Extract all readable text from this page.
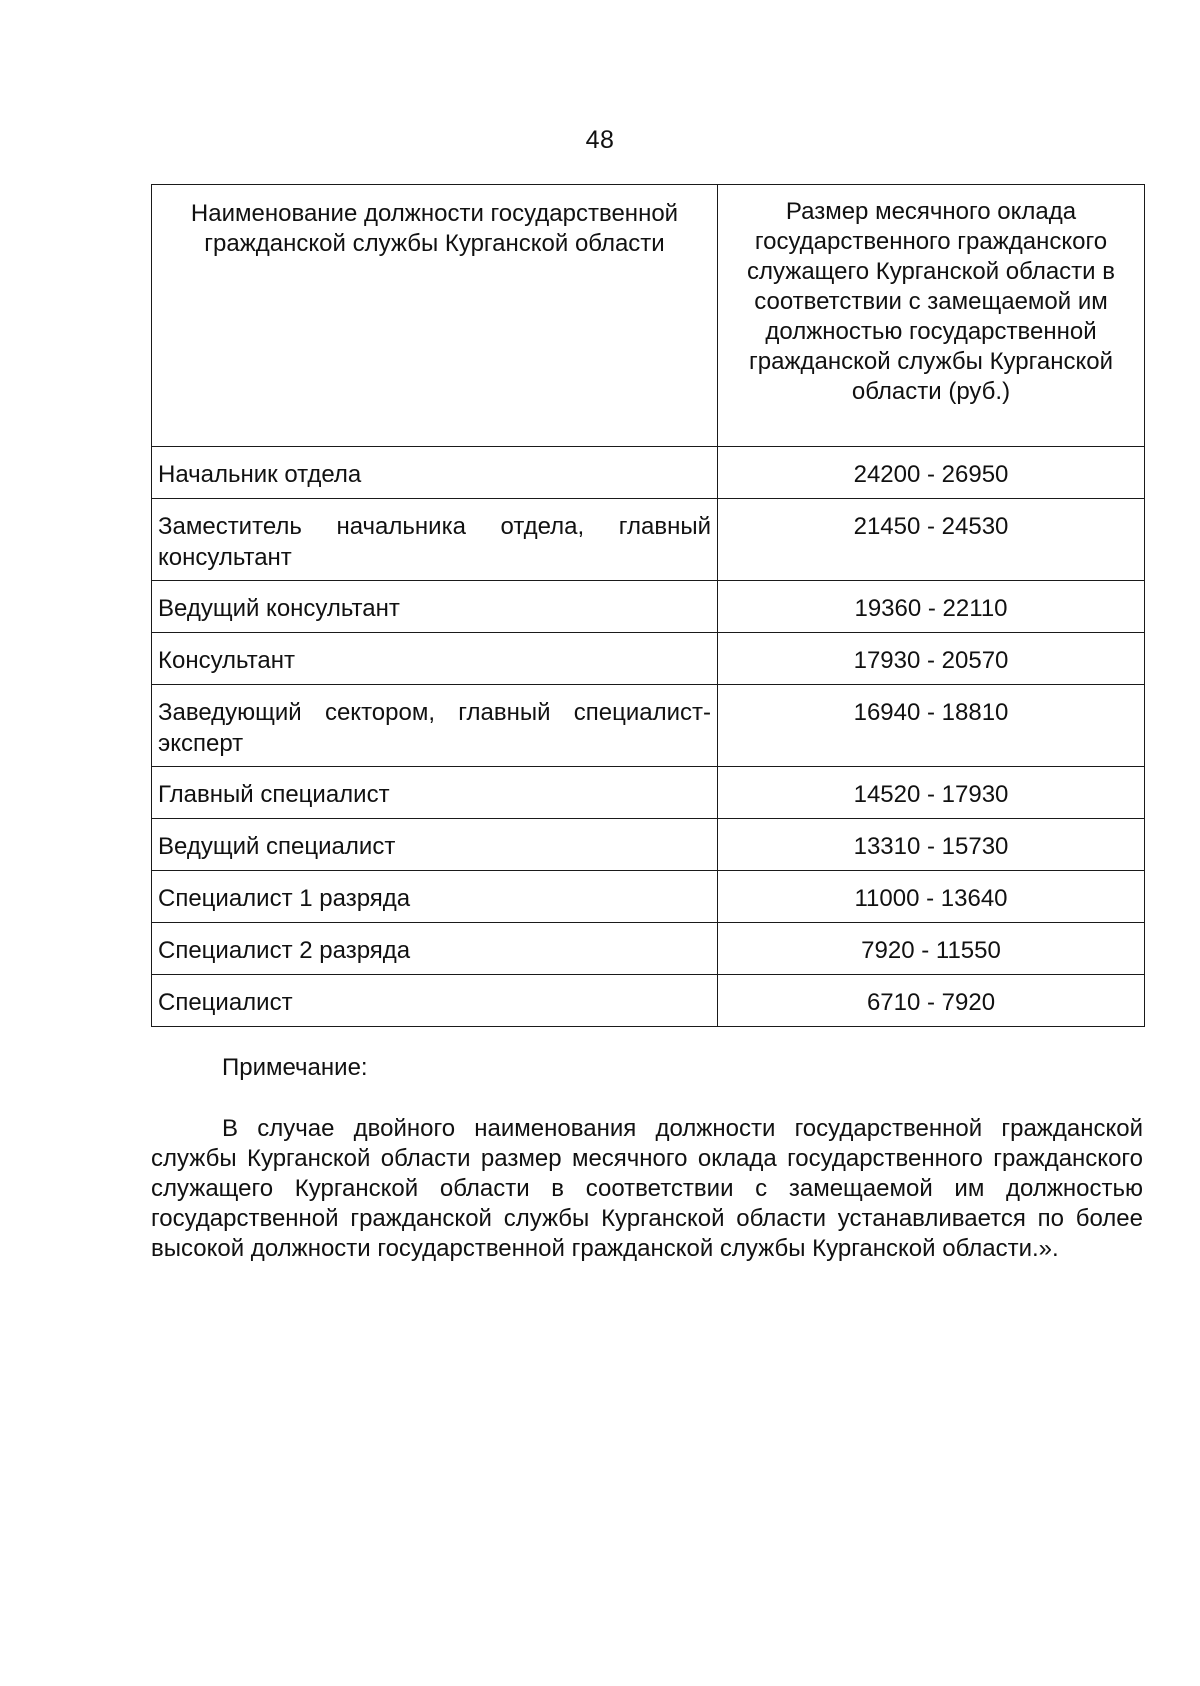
48
Наименование должности государственной гражданской службы Курганской области	Размер месячного оклада государственного гражданского служащего Курганской области в соответствии с замещаемой им должностью государственной гражданской службы Курганской области (руб.)

Начальник отдела	24200 - 26950
Заместитель начальника отдела, главный консультант	21450 - 24530
Ведущий консультант	19360 - 22110
Консультант	17930 - 20570
Заведующий сектором, главный специалист-эксперт	16940 - 18810
Главный специалист	14520 - 17930
Ведущий специалист	13310 - 15730
Специалист 1 разряда	11000 - 13640
Специалист 2 разряда	7920 - 11550
Специалист	6710 - 7920
Примечание:

В случае двойного наименования должности государственной гражданской службы Курганской области размер месячного оклада государственного гражданского служащего Курганской области в соответствии с замещаемой им должностью государственной гражданской службы Курганской области устанавливается по более высокой должности государственной гражданской службы Курганской области.».
